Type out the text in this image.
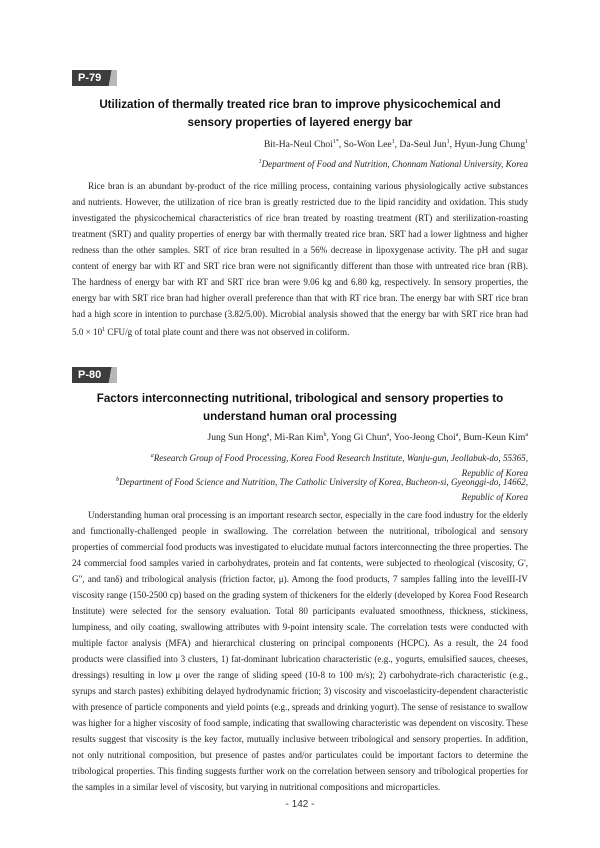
P-79
Utilization of thermally treated rice bran to improve physicochemical and
sensory properties of layered energy bar
Bit-Ha-Neul Choi$^{1*}$, So-Won Lee$^1$, Da-Seul Jun$^1$, Hyun-Jung Chung$^1$
$^1$Department of Food and Nutrition, Chonnam National University, Korea

Rice bran is an abundant by-product of the rice milling process, containing various physiologically active substances and nutrients. However, the utilization of rice bran is greatly restricted due to the lipid rancidity and oxidation. This study investigated the physicochemical characteristics of rice bran treated by roasting treatment (RT) and sterilization-roasting treatment (SRT) and quality properties of energy bar with thermally treated rice bran. SRT had a lower lightness and higher redness than the other samples. SRT of rice bran resulted in a 56% decrease in lipoxygenase activity. The pH and sugar content of energy bar with RT and SRT rice bran were not significantly different than those with untreated rice bran (RB). The hardness of energy bar with RT and SRT rice bran were 9.06 kg and 6.80 kg, respectively. In sensory properties, the energy bar with SRT rice bran had higher overall preference than that with RT rice bran. The energy bar with SRT rice bran had a high score in intention to purchase (3.82/5.00). Microbial analysis showed that the energy bar with SRT rice bran had $5.0 \times 10^1$ CFU/g of total plate count and there was not observed in coliform.

P-80
Factors interconnecting nutritional, tribological and sensory properties to
understand human oral processing
Jung Sun Hong$^a$, Mi-Ran Kim$^b$, Yong Gi Chun$^a$, Yoo-Jeong Choi$^a$, Bum-Keun Kim$^a$
$^a$Research Group of Food Processing, Korea Food Research Institute, Wanju-gun, Jeollabuk-do, 55365,
Republic of Korea
$^b$Department of Food Science and Nutrition, The Catholic University of Korea, Bucheon-si, Gyeonggi-do, 14662,
Republic of Korea

Understanding human oral processing is an important research sector, especially in the care food industry for the elderly and functionally-challenged people in swallowing. The correlation between the nutritional, tribological and sensory properties of commercial food products was investigated to elucidate mutual factors interconnecting the three properties. The 24 commercial food samples varied in carbohydrates, protein and fat contents, were subjected to rheological (viscosity, G', G", and tanδ) and tribological analysis (friction factor, μ). Among the food products, 7 samples falling into the levelII-IV viscosity range (150-2500 cp) based on the grading system of thickeners for the elderly (developed by Korea Food Research Institute) were selected for the sensory evaluation. Total 80 participants evaluated smoothness, thickness, stickiness, lumpiness, and oily coating, swallowing attributes with 9-point intensity scale. The correlation tests were conducted with multiple factor analysis (MFA) and hierarchical clustering on principal components (HCPC). As a result, the 24 food products were classified into 3 clusters, 1) fat-dominant lubrication characteristic (e.g., yogurts, emulsified sauces, cheeses, dressings) resulting in low μ over the range of sliding speed (10-8 to 100 m/s); 2) carbohydrate-rich characteristic (e.g., syrups and starch pastes) exhibiting delayed hydrodynamic friction; 3) viscosity and viscoelasticity-dependent characteristic with presence of particle components and yield points (e.g., spreads and drinking yogurt). The sense of resistance to swallow was higher for a higher viscosity of food sample, indicating that swallowing characteristic was dependent on viscosity. These results suggest that viscosity is the key factor, mutually inclusive between tribological and sensory properties. In addition, not only nutritional composition, but presence of pastes and/or particulates could be important factors to determine the tribological properties. This finding suggests further work on the correlation between sensory and tribological properties for the samples in a similar level of viscosity, but varying in nutritional compositions and microparticles.

- 142 -
